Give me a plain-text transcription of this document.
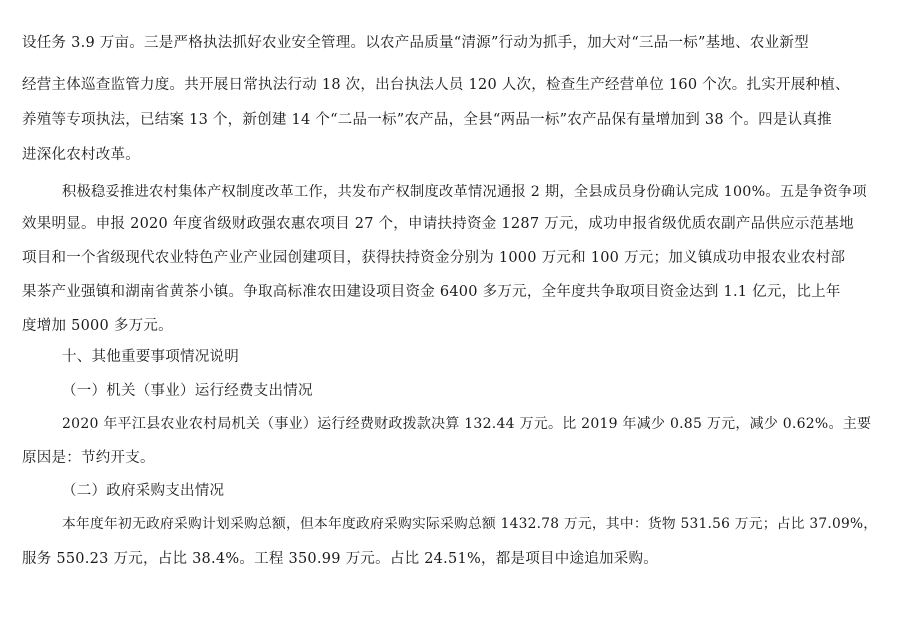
设任务 3.9 万亩。三是严格执法抓好农业安全管理。以农产品质量“清源”行动为抓手，加大对“三品一标”基地、农业新型

经营主体巡查监管力度。共开展日常执法行动 18 次，出台执法人员 120 人次，检查生产经营单位 160 个次。扎实开展种植、

养殖等专项执法，已结案 13 个，新创建 14 个“二品一标”农产品，全县“两品一标”农产品保有量增加到 38 个。四是认真推

进深化农村改革。

积极稳妥推进农村集体产权制度改革工作，共发布产权制度改革情况通报 2 期，全县成员身份确认完成 100%。五是争资争项

效果明显。申报 2020 年度省级财政强农惠农项目 27 个，申请扶持资金 1287 万元，成功申报省级优质农副产品供应示范基地

项目和一个省级现代农业特色产业产业园创建项目，获得扶持资金分别为 1000 万元和 100 万元；加义镇成功申报农业农村部

果茶产业强镇和湖南省黄茶小镇。争取高标准农田建设项目资金 6400 多万元，全年度共争取项目资金达到 1.1 亿元，比上年

度增加 5000 多万元。

十、其他重要事项情况说明

（一）机关（事业）运行经费支出情况

2020 年平江县农业农村局机关（事业）运行经费财政拨款决算 132.44 万元。比 2019 年减少 0.85 万元，减少 0.62%。主要

原因是：节约开支。

（二）政府采购支出情况

本年度年初无政府采购计划采购总额，但本年度政府采购实际采购总额 1432.78 万元，其中：货物 531.56 万元；占比 37.09%，

服务 550.23 万元，占比 38.4%。工程 350.99 万元。占比 24.51%，都是项目中途追加采购。
